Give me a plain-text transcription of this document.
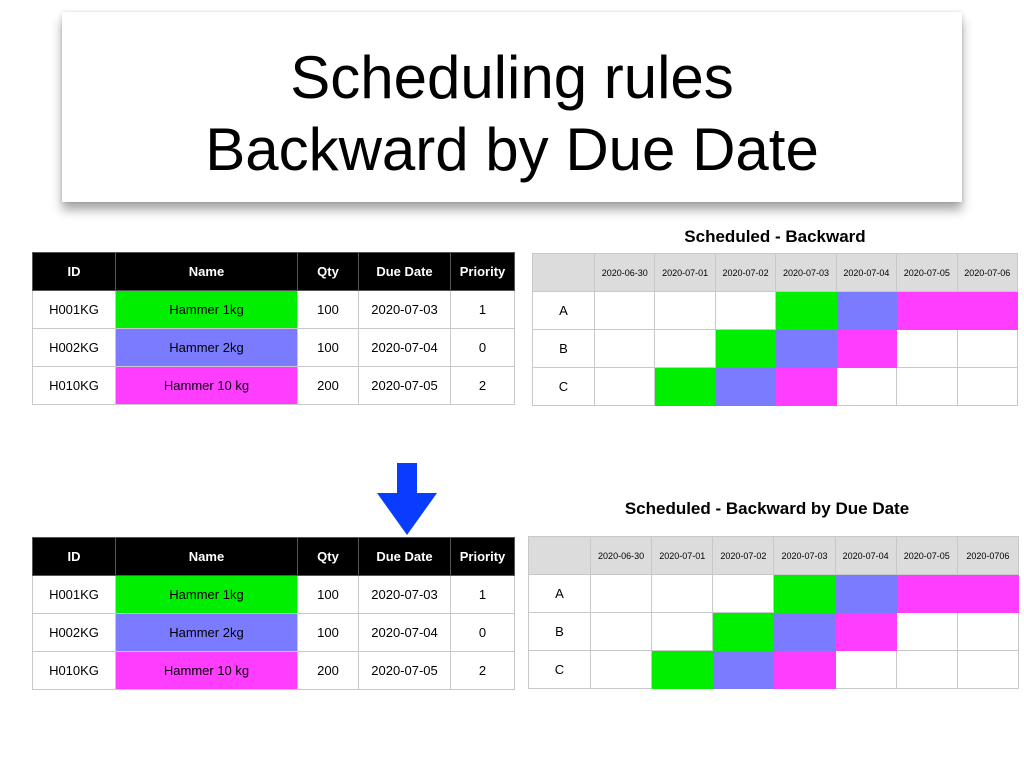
Scheduling rules
Backward by Due Date
ID	Name	Qty	Due Date	Priority
H001KG	Hammer 1kg	100	2020-07-03	1
H002KG	Hammer 2kg	100	2020-07-04	0
H010KG	Hammer 10 kg	200	2020-07-05	2
Scheduled - Backward
	2020-06-30	2020-07-01	2020-07-02	2020-07-03	2020-07-04	2020-07-05	2020-07-06
A							
B							
C							
ID	Name	Qty	Due Date	Priority
H001KG	Hammer 1kg	100	2020-07-03	1
H002KG	Hammer 2kg	100	2020-07-04	0
H010KG	Hammer 10 kg	200	2020-07-05	2
Scheduled - Backward by Due Date
	2020-06-30	2020-07-01	2020-07-02	2020-07-03	2020-07-04	2020-07-05	2020-0706
A							
B							
C							
